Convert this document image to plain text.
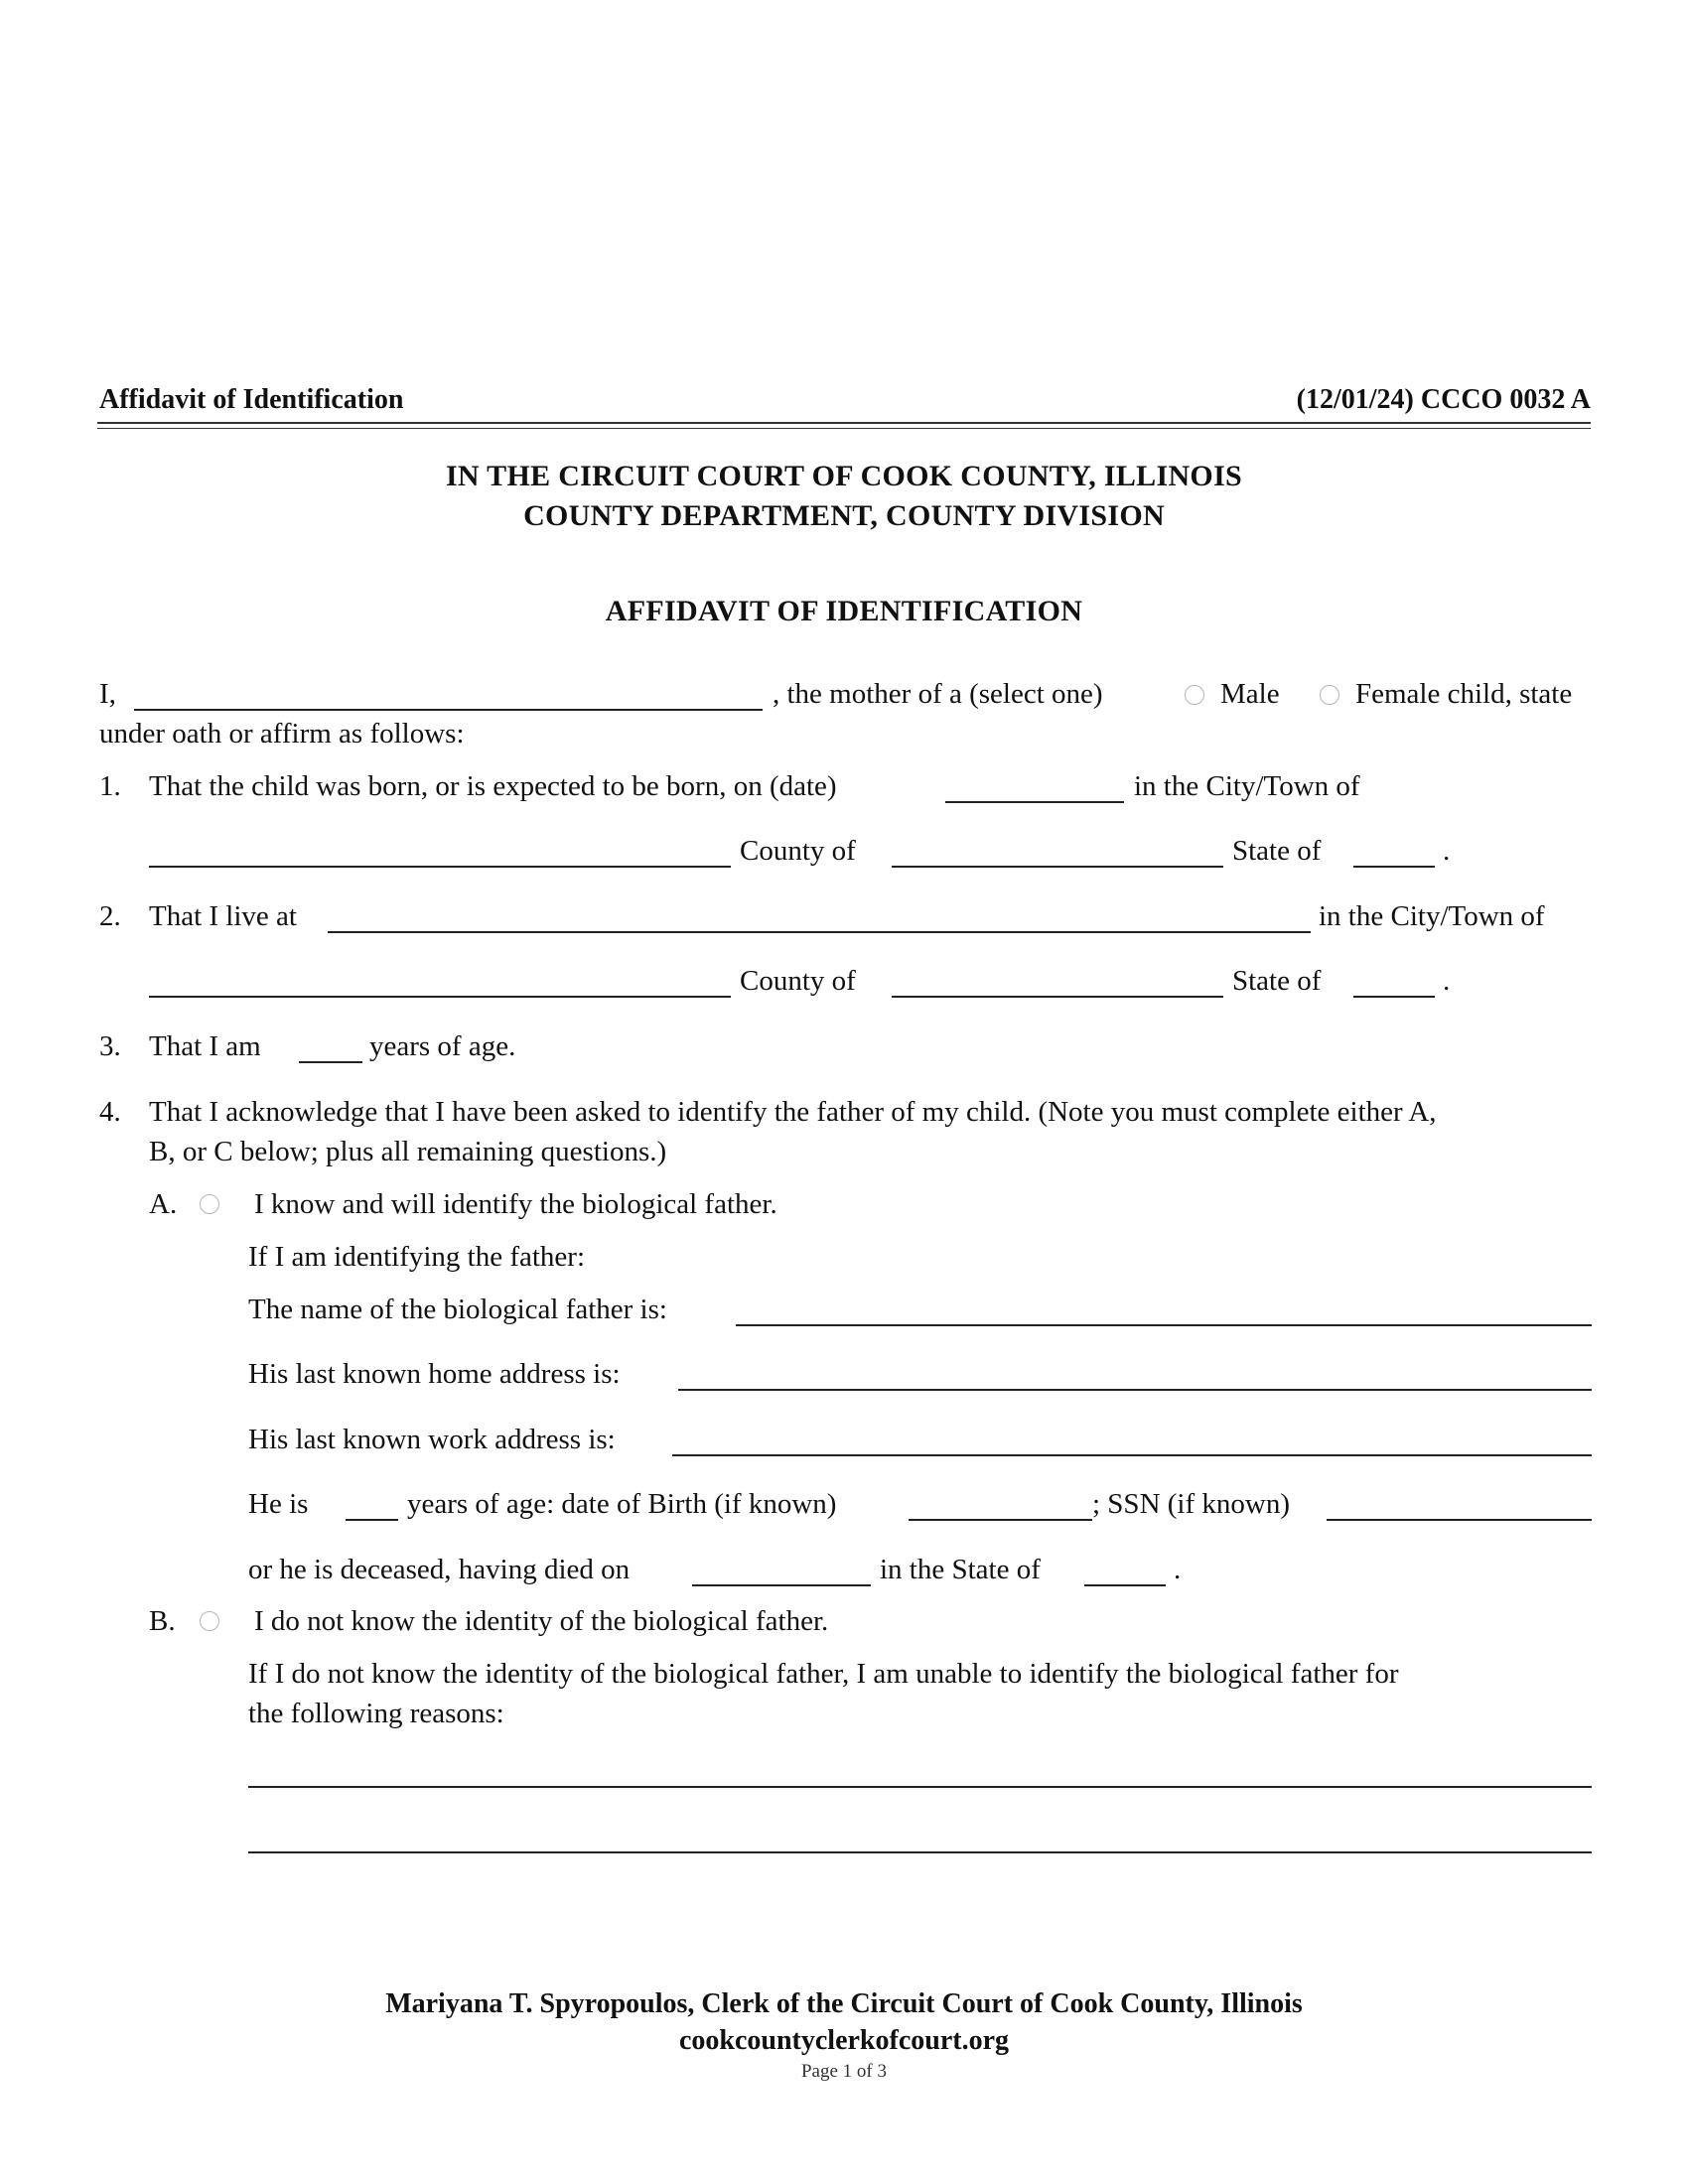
Affidavit of Identification	(12/01/24) CCCO 0032 A
IN THE CIRCUIT COURT OF COOK COUNTY, ILLINOIS
COUNTY DEPARTMENT, COUNTY DIVISION
AFFIDAVIT OF IDENTIFICATION
I,	, the mother of a (select one)	Male	Female child, state
under oath or affirm as follows:
1. That the child was born, or is expected to be born, on (date)	in the City/Town of
County of	State of	.
2. That I live at	in the City/Town of
County of	State of	.
3. That I am	years of age.
4. That I acknowledge that I have been asked to identify the father of my child. (Note you must complete either A,
B, or C below; plus all remaining questions.)
A.	I know and will identify the biological father.
If I am identifying the father:
The name of the biological father is:
His last known home address is:
His last known work address is:
He is	years of age: date of Birth (if known)	; SSN (if known)
or he is deceased, having died on	in the State of	.
B.	I do not know the identity of the biological father.
If I do not know the identity of the biological father, I am unable to identify the biological father for
the following reasons:
Mariyana T. Spyropoulos, Clerk of the Circuit Court of Cook County, Illinois
cookcountyclerkofcourt.org
Page 1 of 3
